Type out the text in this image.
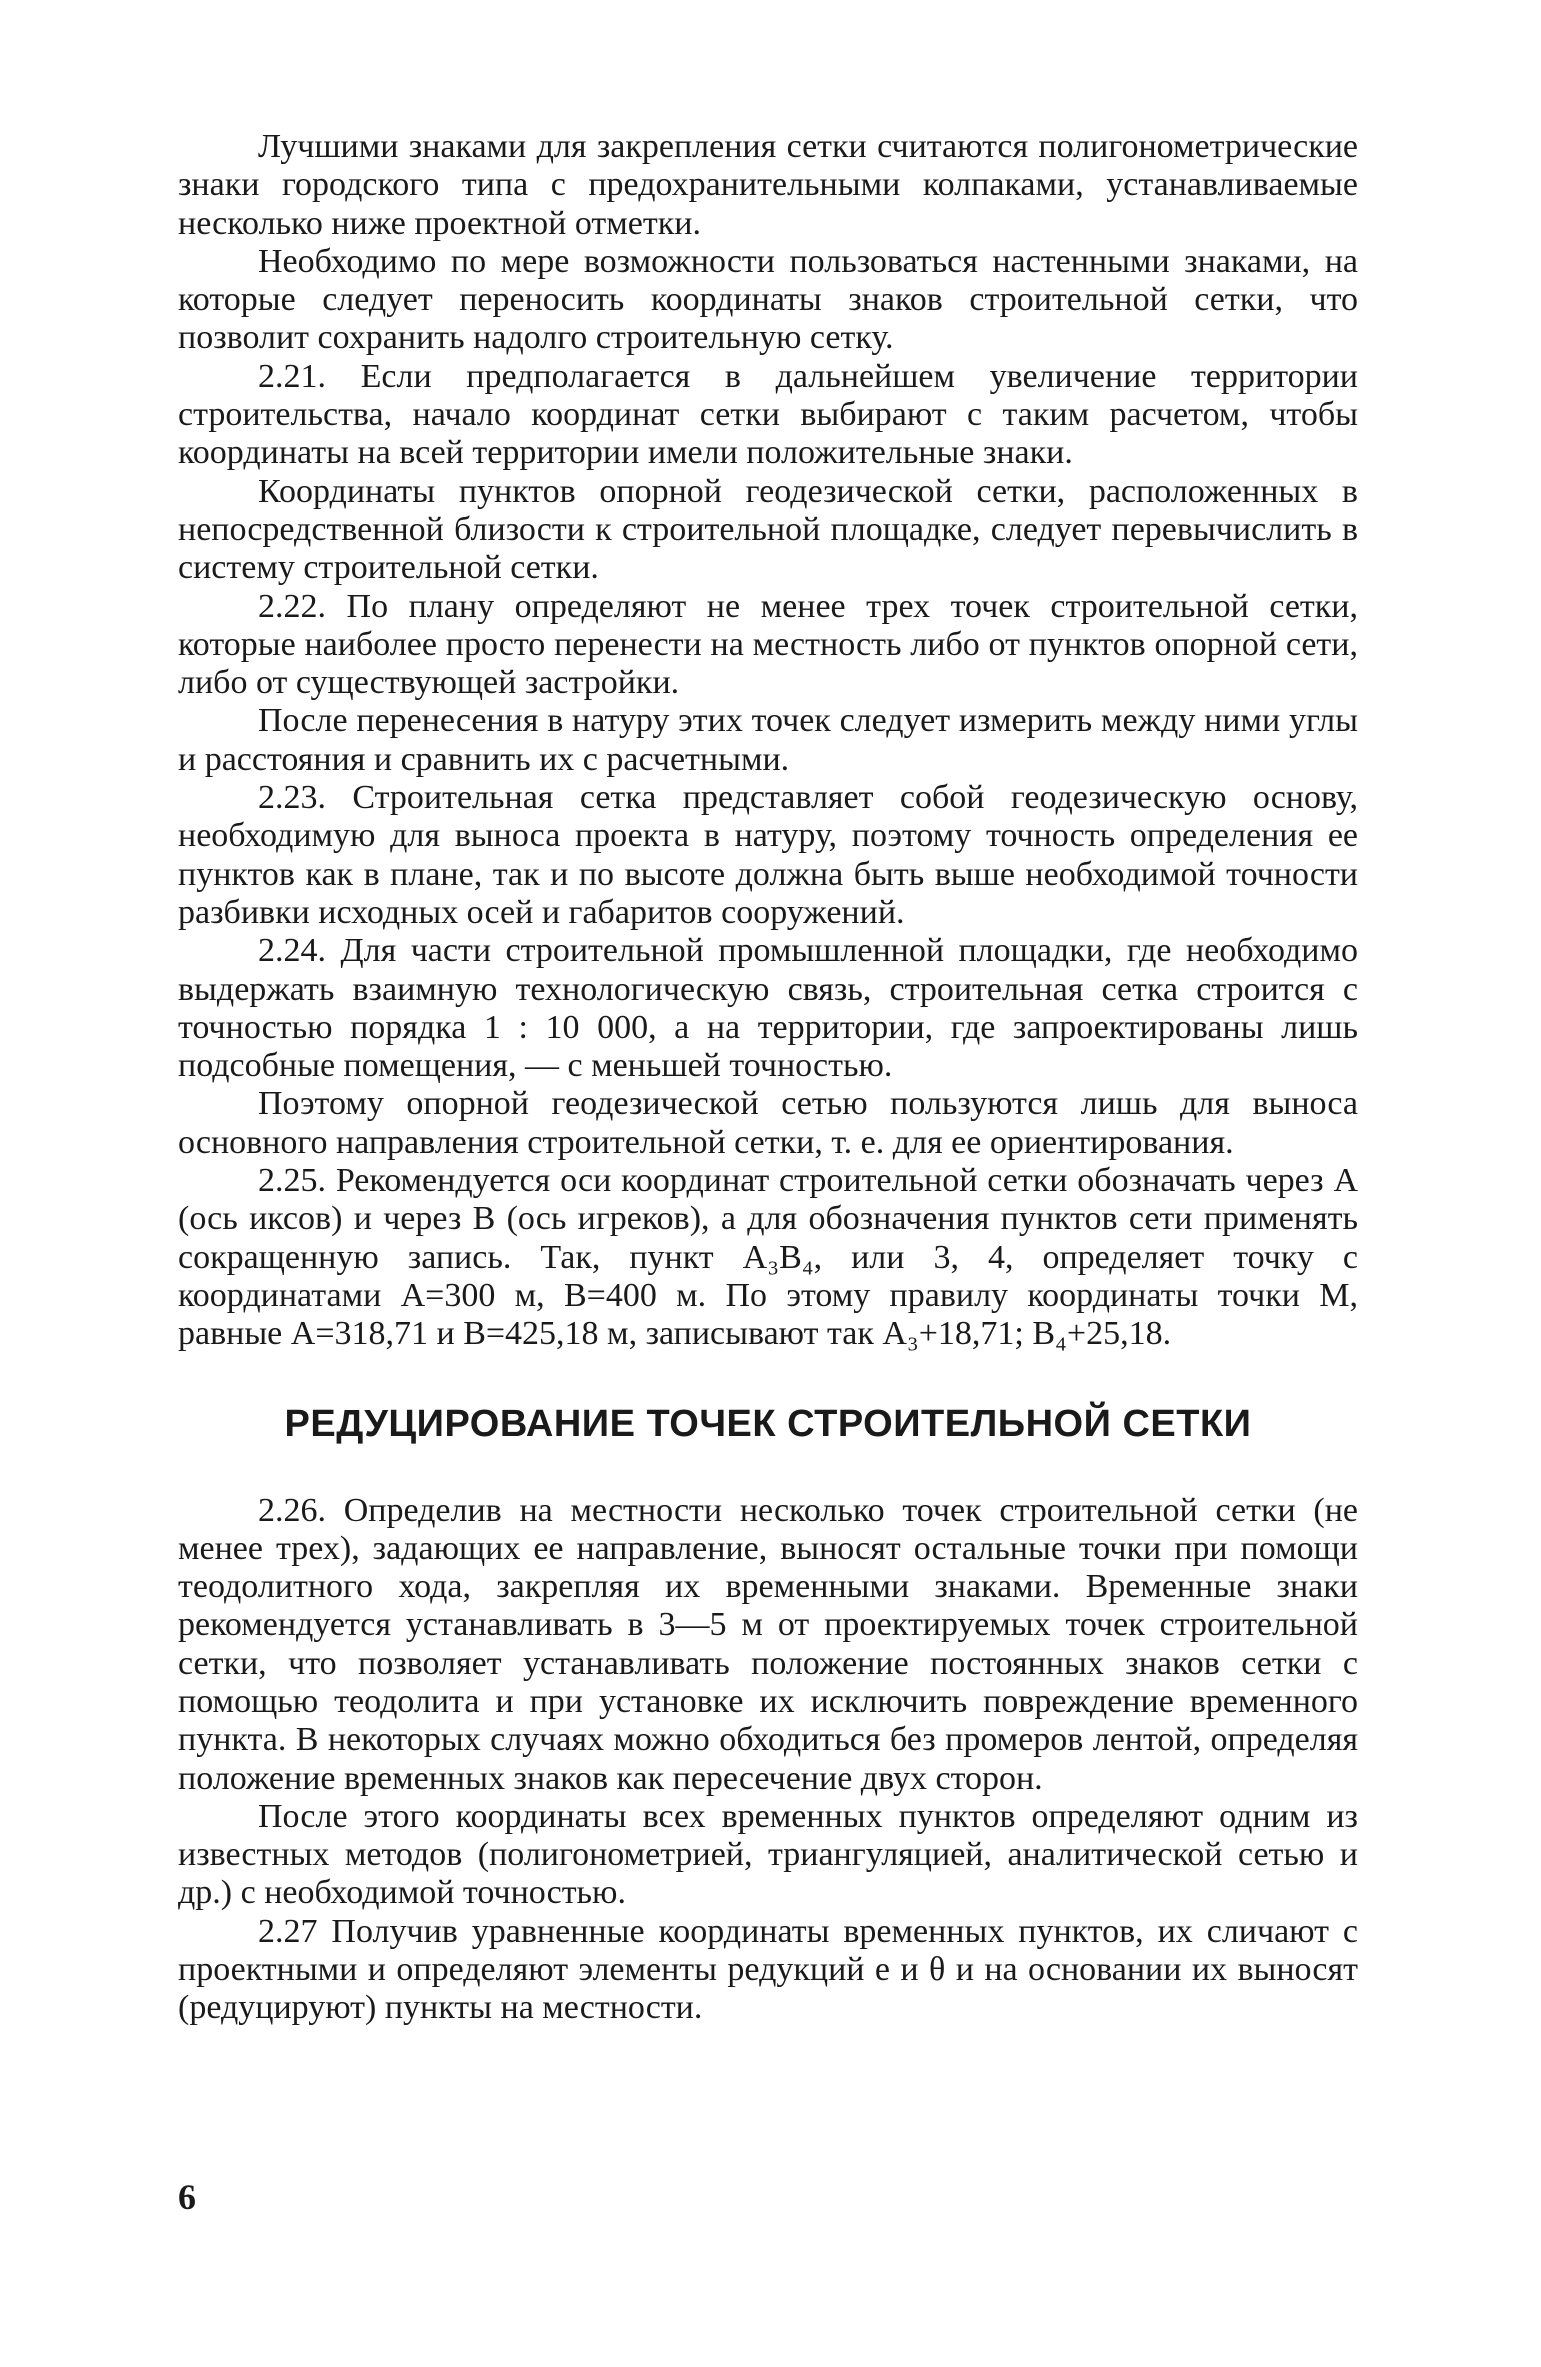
Лучшими знаками для закрепления сетки считаются полигонометрические знаки городского типа с предохранительными колпаками, устанавливаемые несколько ниже проектной отметки.

Необходимо по мере возможности пользоваться настенными знаками, на которые следует переносить координаты знаков строительной сетки, что позволит сохранить надолго строительную сетку.

2.21. Если предполагается в дальнейшем увеличение территории строительства, начало координат сетки выбирают с таким расчетом, чтобы координаты на всей территории имели положительные знаки.

Координаты пунктов опорной геодезической сетки, расположенных в непосредственной близости к строительной площадке, следует перевычислить в систему строительной сетки.

2.22. По плану определяют не менее трех точек строительной сетки, которые наиболее просто перенести на местность либо от пунктов опорной сети, либо от существующей застройки.

После перенесения в натуру этих точек следует измерить между ними углы и расстояния и сравнить их с расчетными.

2.23. Строительная сетка представляет собой геодезическую основу, необходимую для выноса проекта в натуру, поэтому точность определения ее пунктов как в плане, так и по высоте должна быть выше необходимой точности разбивки исходных осей и габаритов сооружений.

2.24. Для части строительной промышленной площадки, где необходимо выдержать взаимную технологическую связь, строительная сетка строится с точностью порядка 1 : 10 000, а на территории, где запроектированы лишь подсобные помещения, — с меньшей точностью.

Поэтому опорной геодезической сетью пользуются лишь для выноса основного направления строительной сетки, т. е. для ее ориентирования.

2.25. Рекомендуется оси координат строительной сетки обозначать через A (ось иксов) и через B (ось игреков), а для обозначения пунктов сети применять сокращенную запись. Так, пункт A₃B₄, или 3, 4, определяет точку с координатами A=300 м, B=400 м. По этому правилу координаты точки M, равные A=318,71 и B=425,18 м, записывают так A₃+18,71; B₄+25,18.

РЕДУЦИРОВАНИЕ ТОЧЕК СТРОИТЕЛЬНОЙ СЕТКИ

2.26. Определив на местности несколько точек строительной сетки (не менее трех), задающих ее направление, выносят остальные точки при помощи теодолитного хода, закрепляя их временными знаками. Временные знаки рекомендуется устанавливать в 3—5 м от проектируемых точек строительной сетки, что позволяет устанавливать положение постоянных знаков сетки с помощью теодолита и при установке их исключить повреждение временного пункта. В некоторых случаях можно обходиться без промеров лентой, определяя положение временных знаков как пересечение двух сторон.

После этого координаты всех временных пунктов определяют одним из известных методов (полигонометрией, триангуляцией, аналитической сетью и др.) с необходимой точностью.

2.27 Получив уравненные координаты временных пунктов, их сличают с проектными и определяют элементы редукций e и θ и на основании их выносят (редуцируют) пункты на местности.

6
